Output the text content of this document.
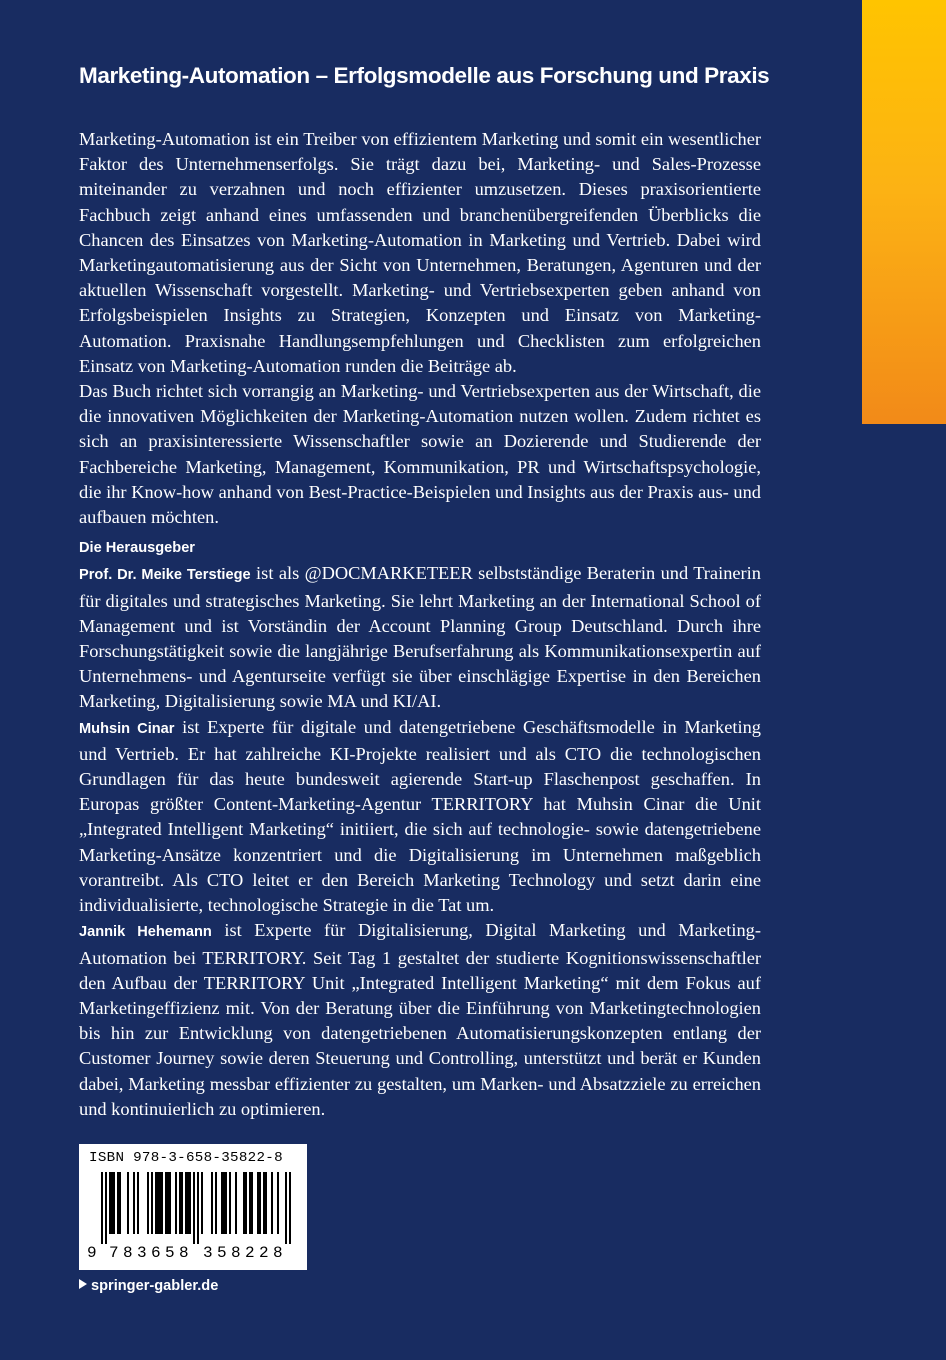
Marketing-Automation – Erfolgsmodelle aus Forschung und Praxis

Marketing-Automation ist ein Treiber von effizientem Marketing und somit ein wesentlicher Faktor des Unternehmenserfolgs. Sie trägt dazu bei, Marketing- und Sales-Prozesse miteinander zu verzahnen und noch effizienter umzusetzen. Dieses praxisorientierte Fachbuch zeigt anhand eines umfassenden und branchenübergreifenden Überblicks die Chancen des Einsatzes von Marketing-Automation in Marketing und Vertrieb. Dabei wird Marketingautomatisierung aus der Sicht von Unternehmen, Beratungen, Agenturen und der aktuellen Wissenschaft vorgestellt. Marketing- und Vertriebsexperten geben anhand von Erfolgsbeispielen Insights zu Strategien, Konzepten und Einsatz von Marketing-Automation. Praxisnahe Handlungsempfehlungen und Checklisten zum erfolgreichen Einsatz von Marketing-Automation runden die Beiträge ab.

Das Buch richtet sich vorrangig an Marketing- und Vertriebsexperten aus der Wirtschaft, die die innovativen Möglichkeiten der Marketing-Automation nutzen wollen. Zudem richtet es sich an praxisinteressierte Wissenschaftler sowie an Dozierende und Studierende der Fachbereiche Marketing, Management, Kommunikation, PR und Wirtschaftspsychologie, die ihr Know-how anhand von Best-Practice-Beispielen und Insights aus der Praxis aus- und aufbauen möchten.

Die Herausgeber

Prof. Dr. Meike Terstiege ist als @DOCMARKETEER selbstständige Beraterin und Trainerin für digitales und strategisches Marketing. Sie lehrt Marketing an der International School of Management und ist Vorständin der Account Planning Group Deutschland. Durch ihre Forschungstätigkeit sowie die langjährige Berufserfahrung als Kommunikationsexpertin auf Unternehmens- und Agenturseite verfügt sie über einschlägige Expertise in den Bereichen Marketing, Digitalisierung sowie MA und KI/AI.

Muhsin Cinar ist Experte für digitale und datengetriebene Geschäftsmodelle in Marketing und Vertrieb. Er hat zahlreiche KI-Projekte realisiert und als CTO die technologischen Grundlagen für das heute bundesweit agierende Start-up Flaschenpost geschaffen. In Europas größter Content-Marketing-Agentur TERRITORY hat Muhsin Cinar die Unit „Integrated Intelligent Marketing“ initiiert, die sich auf technologie- sowie datengetriebene Marketing-Ansätze konzentriert und die Digitalisierung im Unternehmen maßgeblich vorantreibt. Als CTO leitet er den Bereich Marketing Technology und setzt darin eine individualisierte, technologische Strategie in die Tat um.

Jannik Hehemann ist Experte für Digitalisierung, Digital Marketing und Marketing-Automation bei TERRITORY. Seit Tag 1 gestaltet der studierte Kognitionswissenschaftler den Aufbau der TERRITORY Unit „Integrated Intelligent Marketing“ mit dem Fokus auf Marketingeffizienz mit. Von der Beratung über die Einführung von Marketingtechnologien bis hin zur Entwicklung von datengetriebenen Automatisierungskonzepten entlang der Customer Journey sowie deren Steuerung und Controlling, unterstützt und berät er Kunden dabei, Marketing messbar effizienter zu gestalten, um Marken- und Absatzziele zu erreichen und kontinuierlich zu optimieren.

ISBN 978-3-658-35822-8
9 7 8 3 6 5 8 3 5 8 2 2 8
springer-gabler.de
